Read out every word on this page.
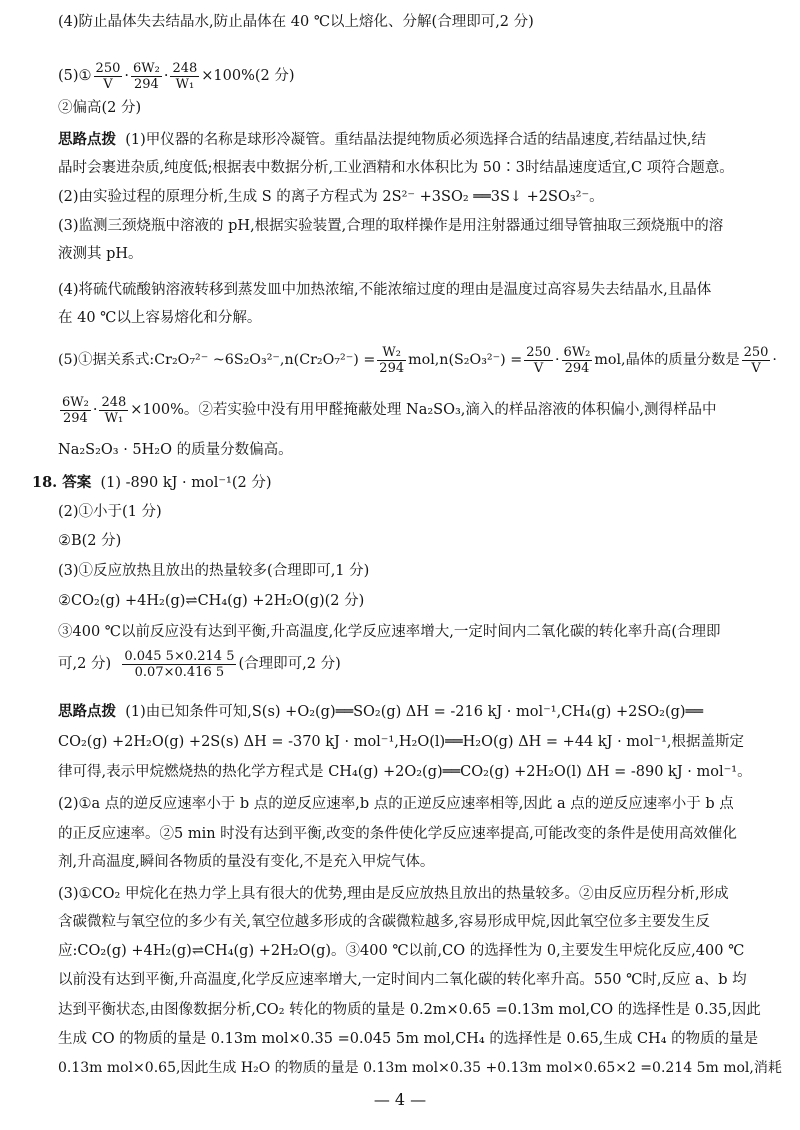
(4)防止晶体失去结晶水,防止晶体在 40 ℃以上熔化、分解(合理即可,2 分)
(5)① $\frac{250}{V} \cdot \frac{\text{6W₂}}{294} \cdot \frac{248}{\text{W₁}} \times 100\%(2$ 分)
②偏高(2 分)
思路点拨 (1)甲仪器的名称是球形冷凝管。重结晶法提纯物质必须选择合适的结晶速度,若结晶过快,结
晶时会裹进杂质,纯度低;根据表中数据分析,工业酒精和水体积比为 50∶3时结晶速度适宜,C 项符合题意。
(2)由实验过程的原理分析,生成 S 的离子方程式为 2S²⁻ +3SO₂ ══3S↓ +2SO₃²⁻。
(3)监测三颈烧瓶中溶液的 pH,根据实验装置,合理的取样操作是用注射器通过细导管抽取三颈烧瓶中的溶
液测其 pH。
(4)将硫代硫酸钠溶液转移到蒸发皿中加热浓缩,不能浓缩过度的理由是温度过高容易失去结晶水,且晶体
在 40 ℃以上容易熔化和分解。
(5)①据关系式:Cr₂O₇²⁻ ~6S₂O₃²⁻,n(Cr₂O₇²⁻) = $\frac{\text{W₂}}{294} mol,n(S_2O_3^{2-}) = \frac{250}{V} \cdot \frac{\text{6W₂}}{294}$ mol,晶体的质量分数是 $\frac{250}{V}$ ·
$\frac{\text{6W₂}}{294} \cdot \frac{248}{\text{W₁}} \times 100\%$。②若实验中没有用甲醛掩蔽处理 Na₂SO₃,滴入的样品溶液的体积偏小,测得样品中
Na₂S₂O₃ · 5H₂O 的质量分数偏高。
18. 答案 (1) -890 kJ · mol⁻¹(2 分)
(2)①小于(1 分)
②B(2 分)
(3)①反应放热且放出的热量较多(合理即可,1 分)
②CO₂(g) +4H₂(g)⇌CH₄(g) +2H₂O(g)(2 分)
③400 ℃以前反应没有达到平衡,升高温度,化学反应速率增大,一定时间内二氧化碳的转化率升高(合理即
可,2 分) $\frac{0.045 5\times 0.214 5}{0.07\times 0.416 5}$ (合理即可,2 分)
思路点拨 (1)由已知条件可知,S(s) +O₂(g)══SO₂(g) ΔH = -216 kJ · mol⁻¹,CH₄(g) +2SO₂(g)══
CO₂(g) +2H₂O(g) +2S(s) ΔH = -370 kJ · mol⁻¹,H₂O(l)══H₂O(g) ΔH = +44 kJ · mol⁻¹,根据盖斯定
律可得,表示甲烷燃烧热的热化学方程式是 CH₄(g) +2O₂(g)══CO₂(g) +2H₂O(l) ΔH = -890 kJ · mol⁻¹。
(2)①a 点的逆反应速率小于 b 点的逆反应速率,b 点的正逆反应速率相等,因此 a 点的逆反应速率小于 b 点
的正反应速率。②5 min 时没有达到平衡,改变的条件使化学反应速率提高,可能改变的条件是使用高效催化
剂,升高温度,瞬间各物质的量没有变化,不是充入甲烷气体。
(3)①CO₂ 甲烷化在热力学上具有很大的优势,理由是反应放热且放出的热量较多。②由反应历程分析,形成
含碳微粒与氧空位的多少有关,氧空位越多形成的含碳微粒越多,容易形成甲烷,因此氧空位多主要发生反
应:CO₂(g) +4H₂(g)⇌CH₄(g) +2H₂O(g)。③400 ℃以前,CO 的选择性为 0,主要发生甲烷化反应,400 ℃
以前没有达到平衡,升高温度,化学反应速率增大,一定时间内二氧化碳的转化率升高。550 ℃时,反应 a、b 均
达到平衡状态,由图像数据分析,CO₂ 转化的物质的量是 0.2m×0.65 =0.13m mol,CO 的选择性是 0.35,因此
生成 CO 的物质的量是 0.13m mol×0.35 =0.045 5m mol,CH₄ 的选择性是 0.65,生成 CH₄ 的物质的量是
0.13m mol×0.65,因此生成 H₂O 的物质的量是 0.13m mol×0.35 +0.13m mol×0.65×2 =0.214 5m mol,消耗
— 4 —
